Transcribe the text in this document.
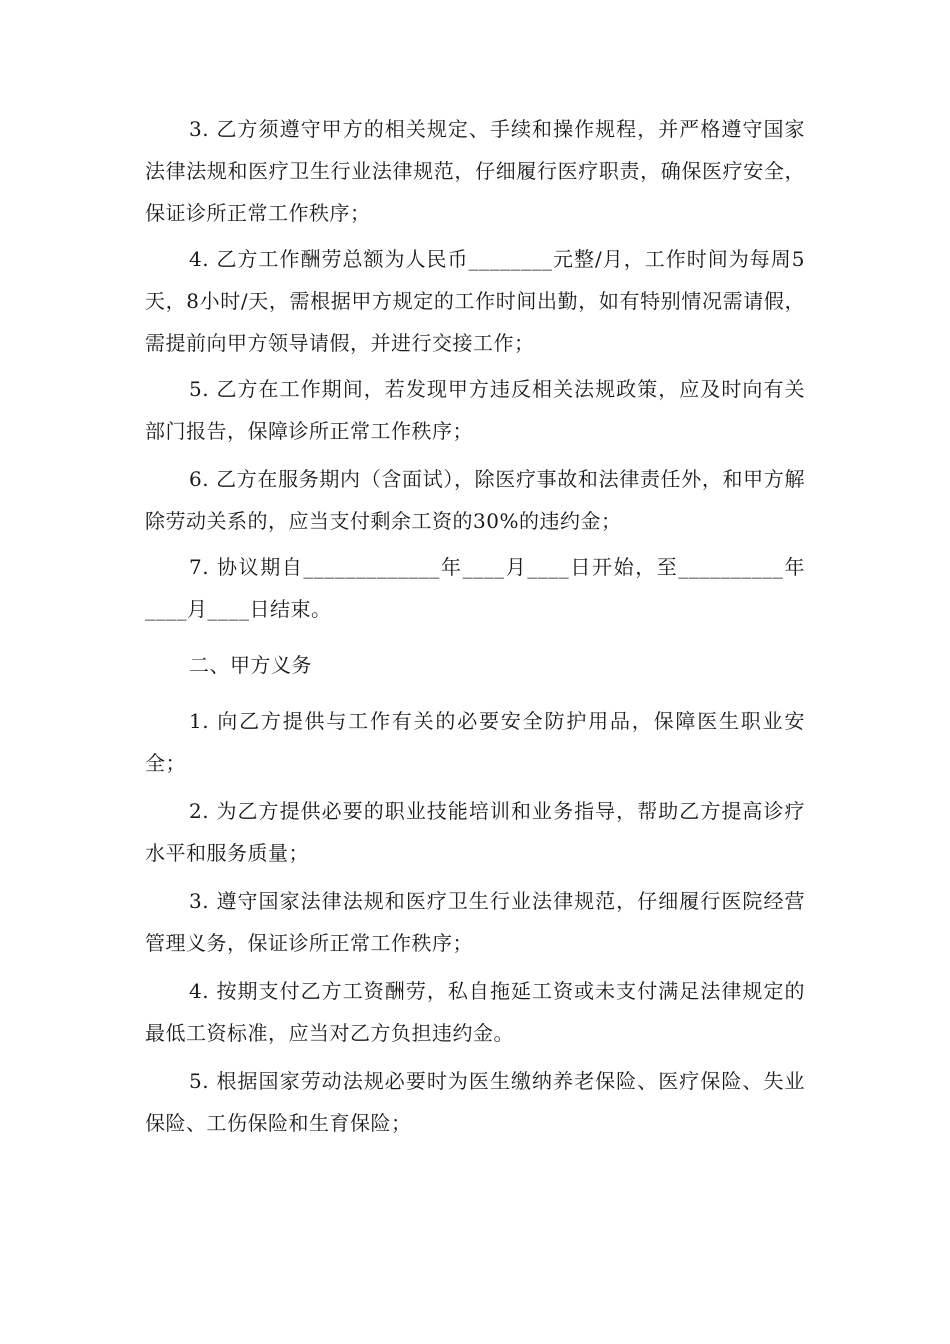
3. 乙方须遵守甲方的相关规定、手续和操作规程，并严格遵守国家法律法规和医疗卫生行业法律规范，仔细履行医疗职责，确保医疗安全，保证诊所正常工作秩序；

4. 乙方工作酬劳总额为人民币________元整/月，工作时间为每周5天，8小时/天，需根据甲方规定的工作时间出勤，如有特别情况需请假，需提前向甲方领导请假，并进行交接工作；

5. 乙方在工作期间，若发现甲方违反相关法规政策，应及时向有关部门报告，保障诊所正常工作秩序；

6. 乙方在服务期内（含面试），除医疗事故和法律责任外，和甲方解除劳动关系的，应当支付剩余工资的30%的违约金；

7. 协议期自_____________年____月____日开始，至__________年____月____日结束。

二、甲方义务

1. 向乙方提供与工作有关的必要安全防护用品，保障医生职业安全；

2. 为乙方提供必要的职业技能培训和业务指导，帮助乙方提高诊疗水平和服务质量；

3. 遵守国家法律法规和医疗卫生行业法律规范，仔细履行医院经营管理义务，保证诊所正常工作秩序；

4. 按期支付乙方工资酬劳，私自拖延工资或未支付满足法律规定的最低工资标准，应当对乙方负担违约金。

5. 根据国家劳动法规必要时为医生缴纳养老保险、医疗保险、失业保险、工伤保险和生育保险；
